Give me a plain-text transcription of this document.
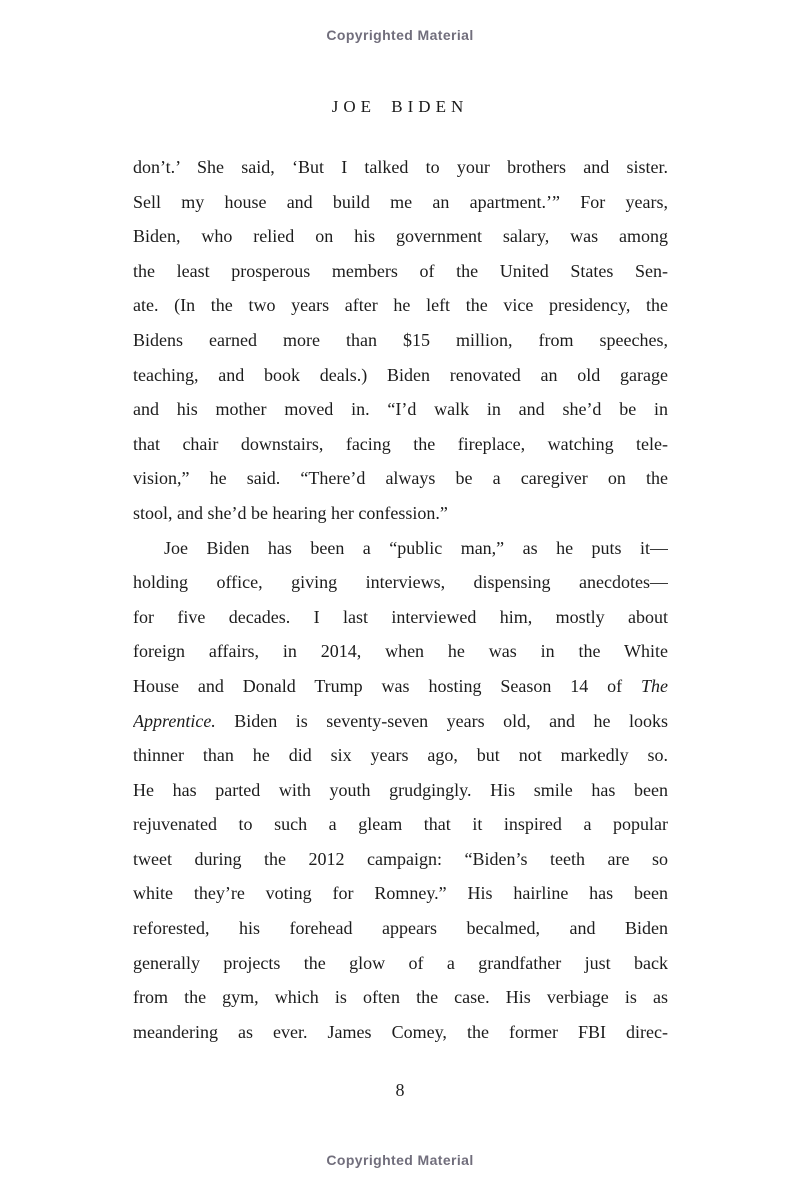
Copyrighted Material
JOE BIDEN
don’t.’ She said, ‘But I talked to your brothers and sister.
Sell my house and build me an apartment.’” For years,
Biden, who relied on his government salary, was among
the least prosperous members of the United States Sen-
ate. (In the two years after he left the vice presidency, the
Bidens earned more than $15 million, from speeches,
teaching, and book deals.) Biden renovated an old garage
and his mother moved in. “I’d walk in and she’d be in
that chair downstairs, facing the fireplace, watching tele-
vision,” he said. “There’d always be a caregiver on the
stool, and she’d be hearing her confession.”
Joe Biden has been a “public man,” as he puts it—
holding office, giving interviews, dispensing anecdotes—
for five decades. I last interviewed him, mostly about
foreign affairs, in 2014, when he was in the White
House and Donald Trump was hosting Season 14 of The
Apprentice. Biden is seventy-seven years old, and he looks
thinner than he did six years ago, but not markedly so.
He has parted with youth grudgingly. His smile has been
rejuvenated to such a gleam that it inspired a popular
tweet during the 2012 campaign: “Biden’s teeth are so
white they’re voting for Romney.” His hairline has been
reforested, his forehead appears becalmed, and Biden
generally projects the glow of a grandfather just back
from the gym, which is often the case. His verbiage is as
meandering as ever. James Comey, the former FBI direc-
8
Copyrighted Material
